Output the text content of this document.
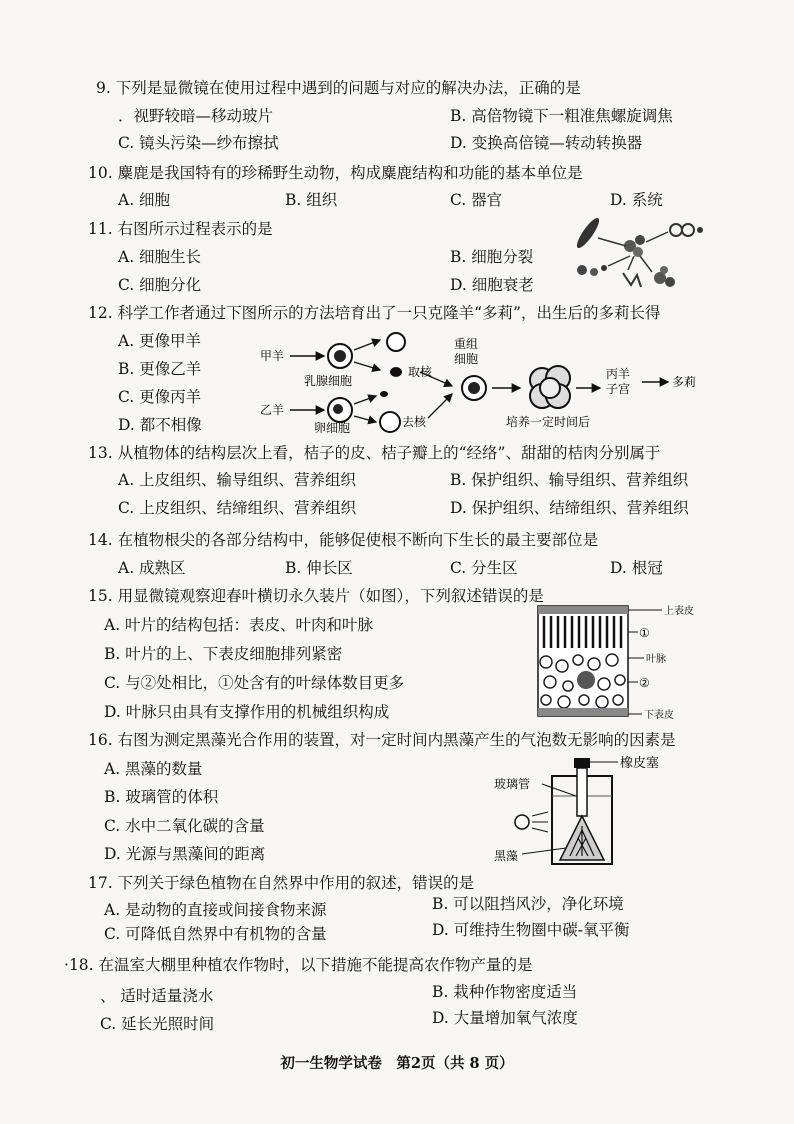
9. 下列是显微镜在使用过程中遇到的问题与对应的解决办法，正确的是
．视野较暗—移动玻片	B. 高倍物镜下一粗准焦螺旋调焦
C. 镜头污染—纱布擦拭	D. 变换高倍镜—转动转换器
10. 麋鹿是我国特有的珍稀野生动物，构成麋鹿结构和功能的基本单位是
A. 细胞	B. 组织	C. 器官	D. 系统
11. 右图所示过程表示的是
A. 细胞生长	B. 细胞分裂
C. 细胞分化	D. 细胞衰老
12. 科学工作者通过下图所示的方法培育出了一只克隆羊“多莉”，出生后的多莉长得
A. 更像甲羊
B. 更像乙羊
C. 更像丙羊
D. 都不相像
甲羊
乳腺细胞
取核
乙羊
卵细胞	去核
重组
细胞
培养一定时间后
丙羊
子宫	多莉
13. 从植物体的结构层次上看，桔子的皮、桔子瓣上的“经络”、甜甜的桔肉分别属于
A. 上皮组织、输导组织、营养组织	B. 保护组织、输导组织、营养组织
C. 上皮组织、结缔组织、营养组织	D. 保护组织、结缔组织、营养组织
14. 在植物根尖的各部分结构中，能够促使根不断向下生长的最主要部位是
A. 成熟区	B. 伸长区	C. 分生区	D. 根冠
15. 用显微镜观察迎春叶横切永久装片（如图），下列叙述错误的是
A. 叶片的结构包括：表皮、叶肉和叶脉
B. 叶片的上、下表皮细胞排列紧密
C. 与②处相比，①处含有的叶绿体数目更多
D. 叶脉只由具有支撑作用的机械组织构成
上表皮
①
叶脉
②
下表皮
16. 右图为测定黑藻光合作用的装置，对一定时间内黑藻产生的气泡数无影响的因素是
A. 黑藻的数量
B. 玻璃管的体积
C. 水中二氧化碳的含量
D. 光源与黑藻间的距离
橡皮塞
玻璃管
黑藻
17. 下列关于绿色植物在自然界中作用的叙述，错误的是
A. 是动物的直接或间接食物来源	B. 可以阻挡风沙，净化环境
C. 可降低自然界中有机物的含量	D. 可维持生物圈中碳-氧平衡
·18. 在温室大棚里种植农作物时，以下措施不能提高农作物产量的是
、 适时适量浇水	B. 栽种作物密度适当
C. 延长光照时间	D. 大量增加氧气浓度
初一生物学试卷　第2页（共 8 页）
